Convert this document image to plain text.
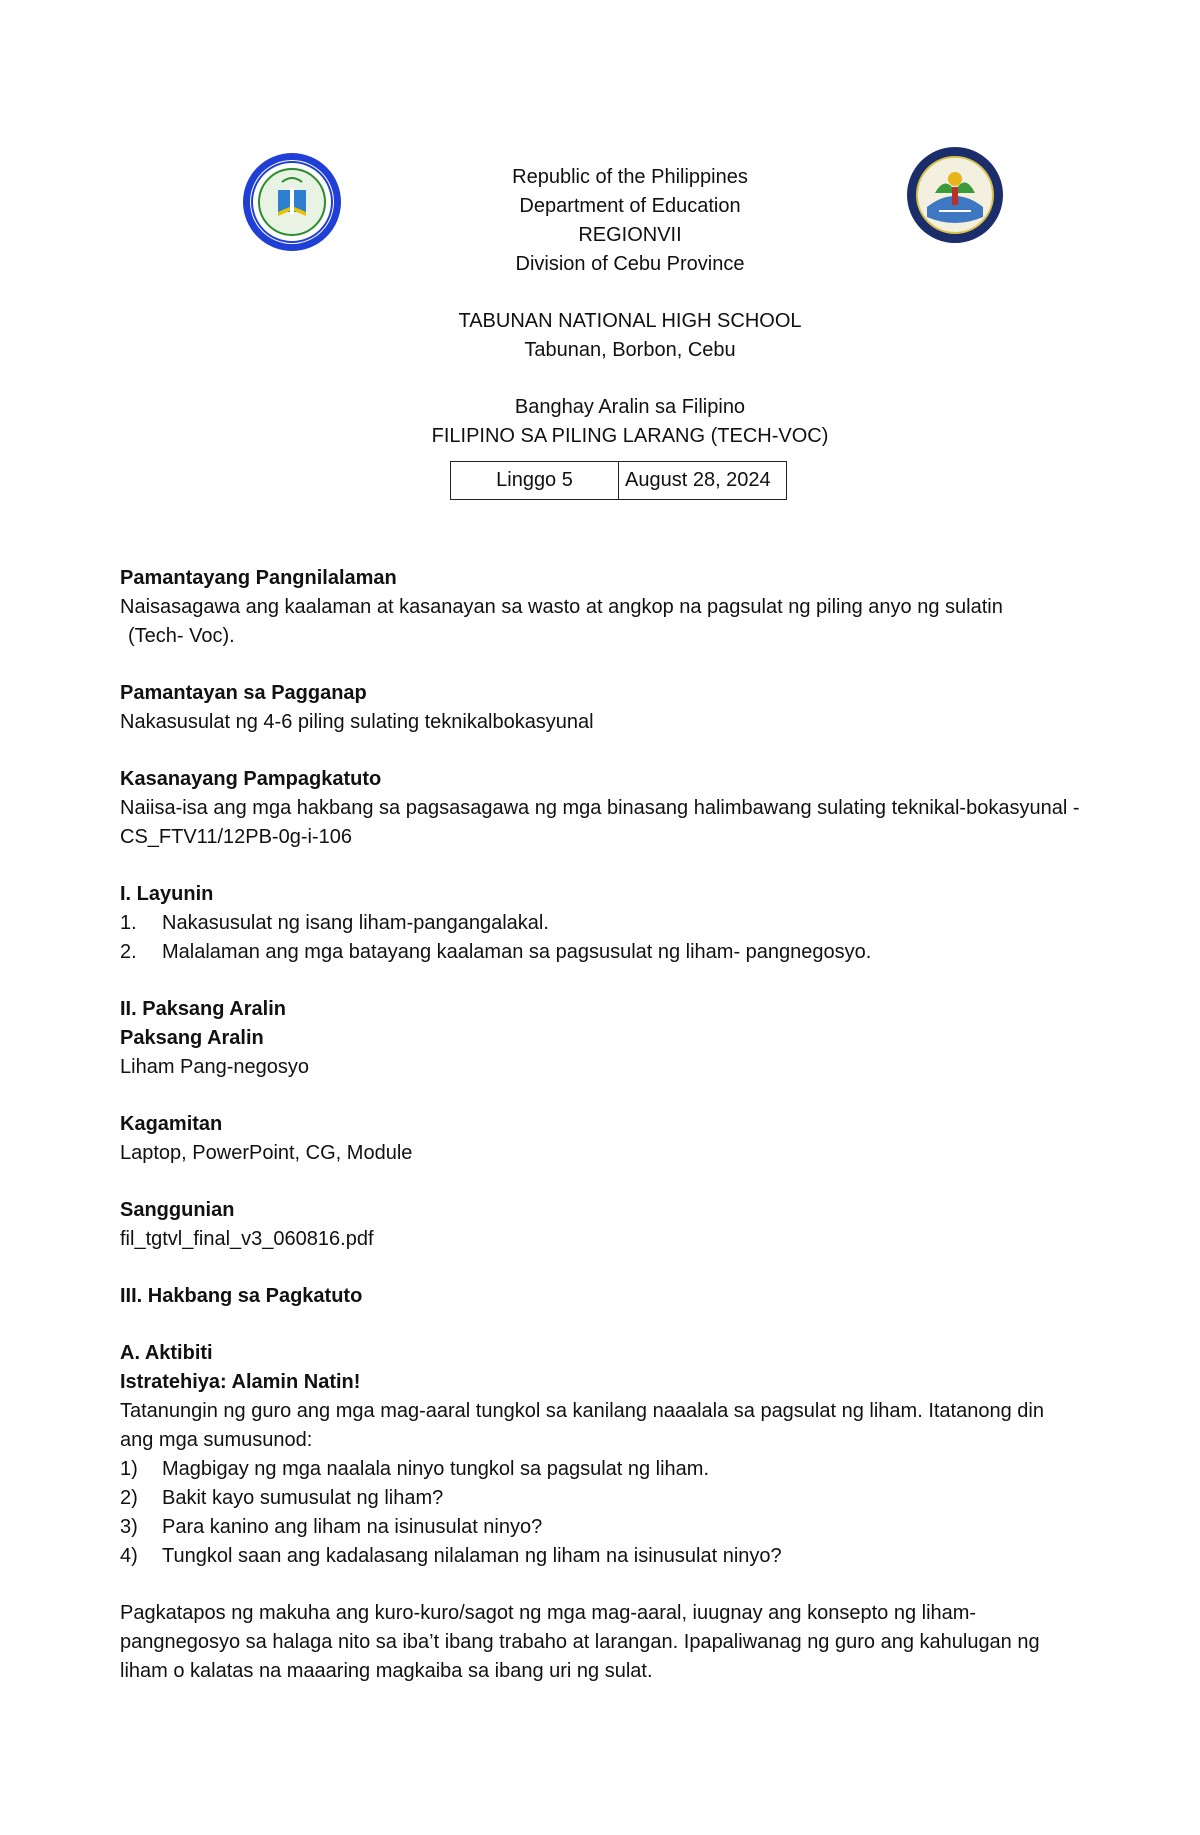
Republic of the Philippines
Department of Education
REGIONVII
Division of Cebu Province
TABUNAN NATIONAL HIGH SCHOOL
Tabunan, Borbon, Cebu
Banghay Aralin sa Filipino
FILIPINO SA PILING LARANG (TECH-VOC)
Linggo 5	August 28, 2024
Pamantayang Pangnilalaman
Naisasagawa ang kaalaman at kasanayan sa wasto at angkop na pagsulat ng piling anyo ng sulatin
(Tech- Voc).
Pamantayan sa Pagganap
Nakasusulat ng 4-6 piling sulating teknikalbokasyunal
Kasanayang Pampagkatuto
Naiisa-isa ang mga hakbang sa pagsasagawa ng mga binasang halimbawang sulating teknikal-bokasyunal -
CS_FTV11/12PB-0g-i-106
I. Layunin
1.	Nakasusulat ng isang liham-pangangalakal.
2.	Malalaman ang mga batayang kaalaman sa pagsusulat ng liham- pangnegosyo.
II. Paksang Aralin
Paksang Aralin
Liham Pang-negosyo
Kagamitan
Laptop, PowerPoint, CG, Module
Sanggunian
fil_tgtvl_final_v3_060816.pdf
III. Hakbang sa Pagkatuto
A. Aktibiti
Istratehiya: Alamin Natin!
Tatanungin ng guro ang mga mag-aaral tungkol sa kanilang naaalala sa pagsulat ng liham. Itatanong din
ang mga sumusunod:
1)	Magbigay ng mga naalala ninyo tungkol sa pagsulat ng liham.
2)	Bakit kayo sumusulat ng liham?
3)	Para kanino ang liham na isinusulat ninyo?
4)	Tungkol saan ang kadalasang nilalaman ng liham na isinusulat ninyo?
Pagkatapos ng makuha ang kuro-kuro/sagot ng mga mag-aaral, iuugnay ang konsepto ng liham-
pangnegosyo sa halaga nito sa iba’t ibang trabaho at larangan. Ipapaliwanag ng guro ang kahulugan ng
liham o kalatas na maaaring magkaiba sa ibang uri ng sulat.
